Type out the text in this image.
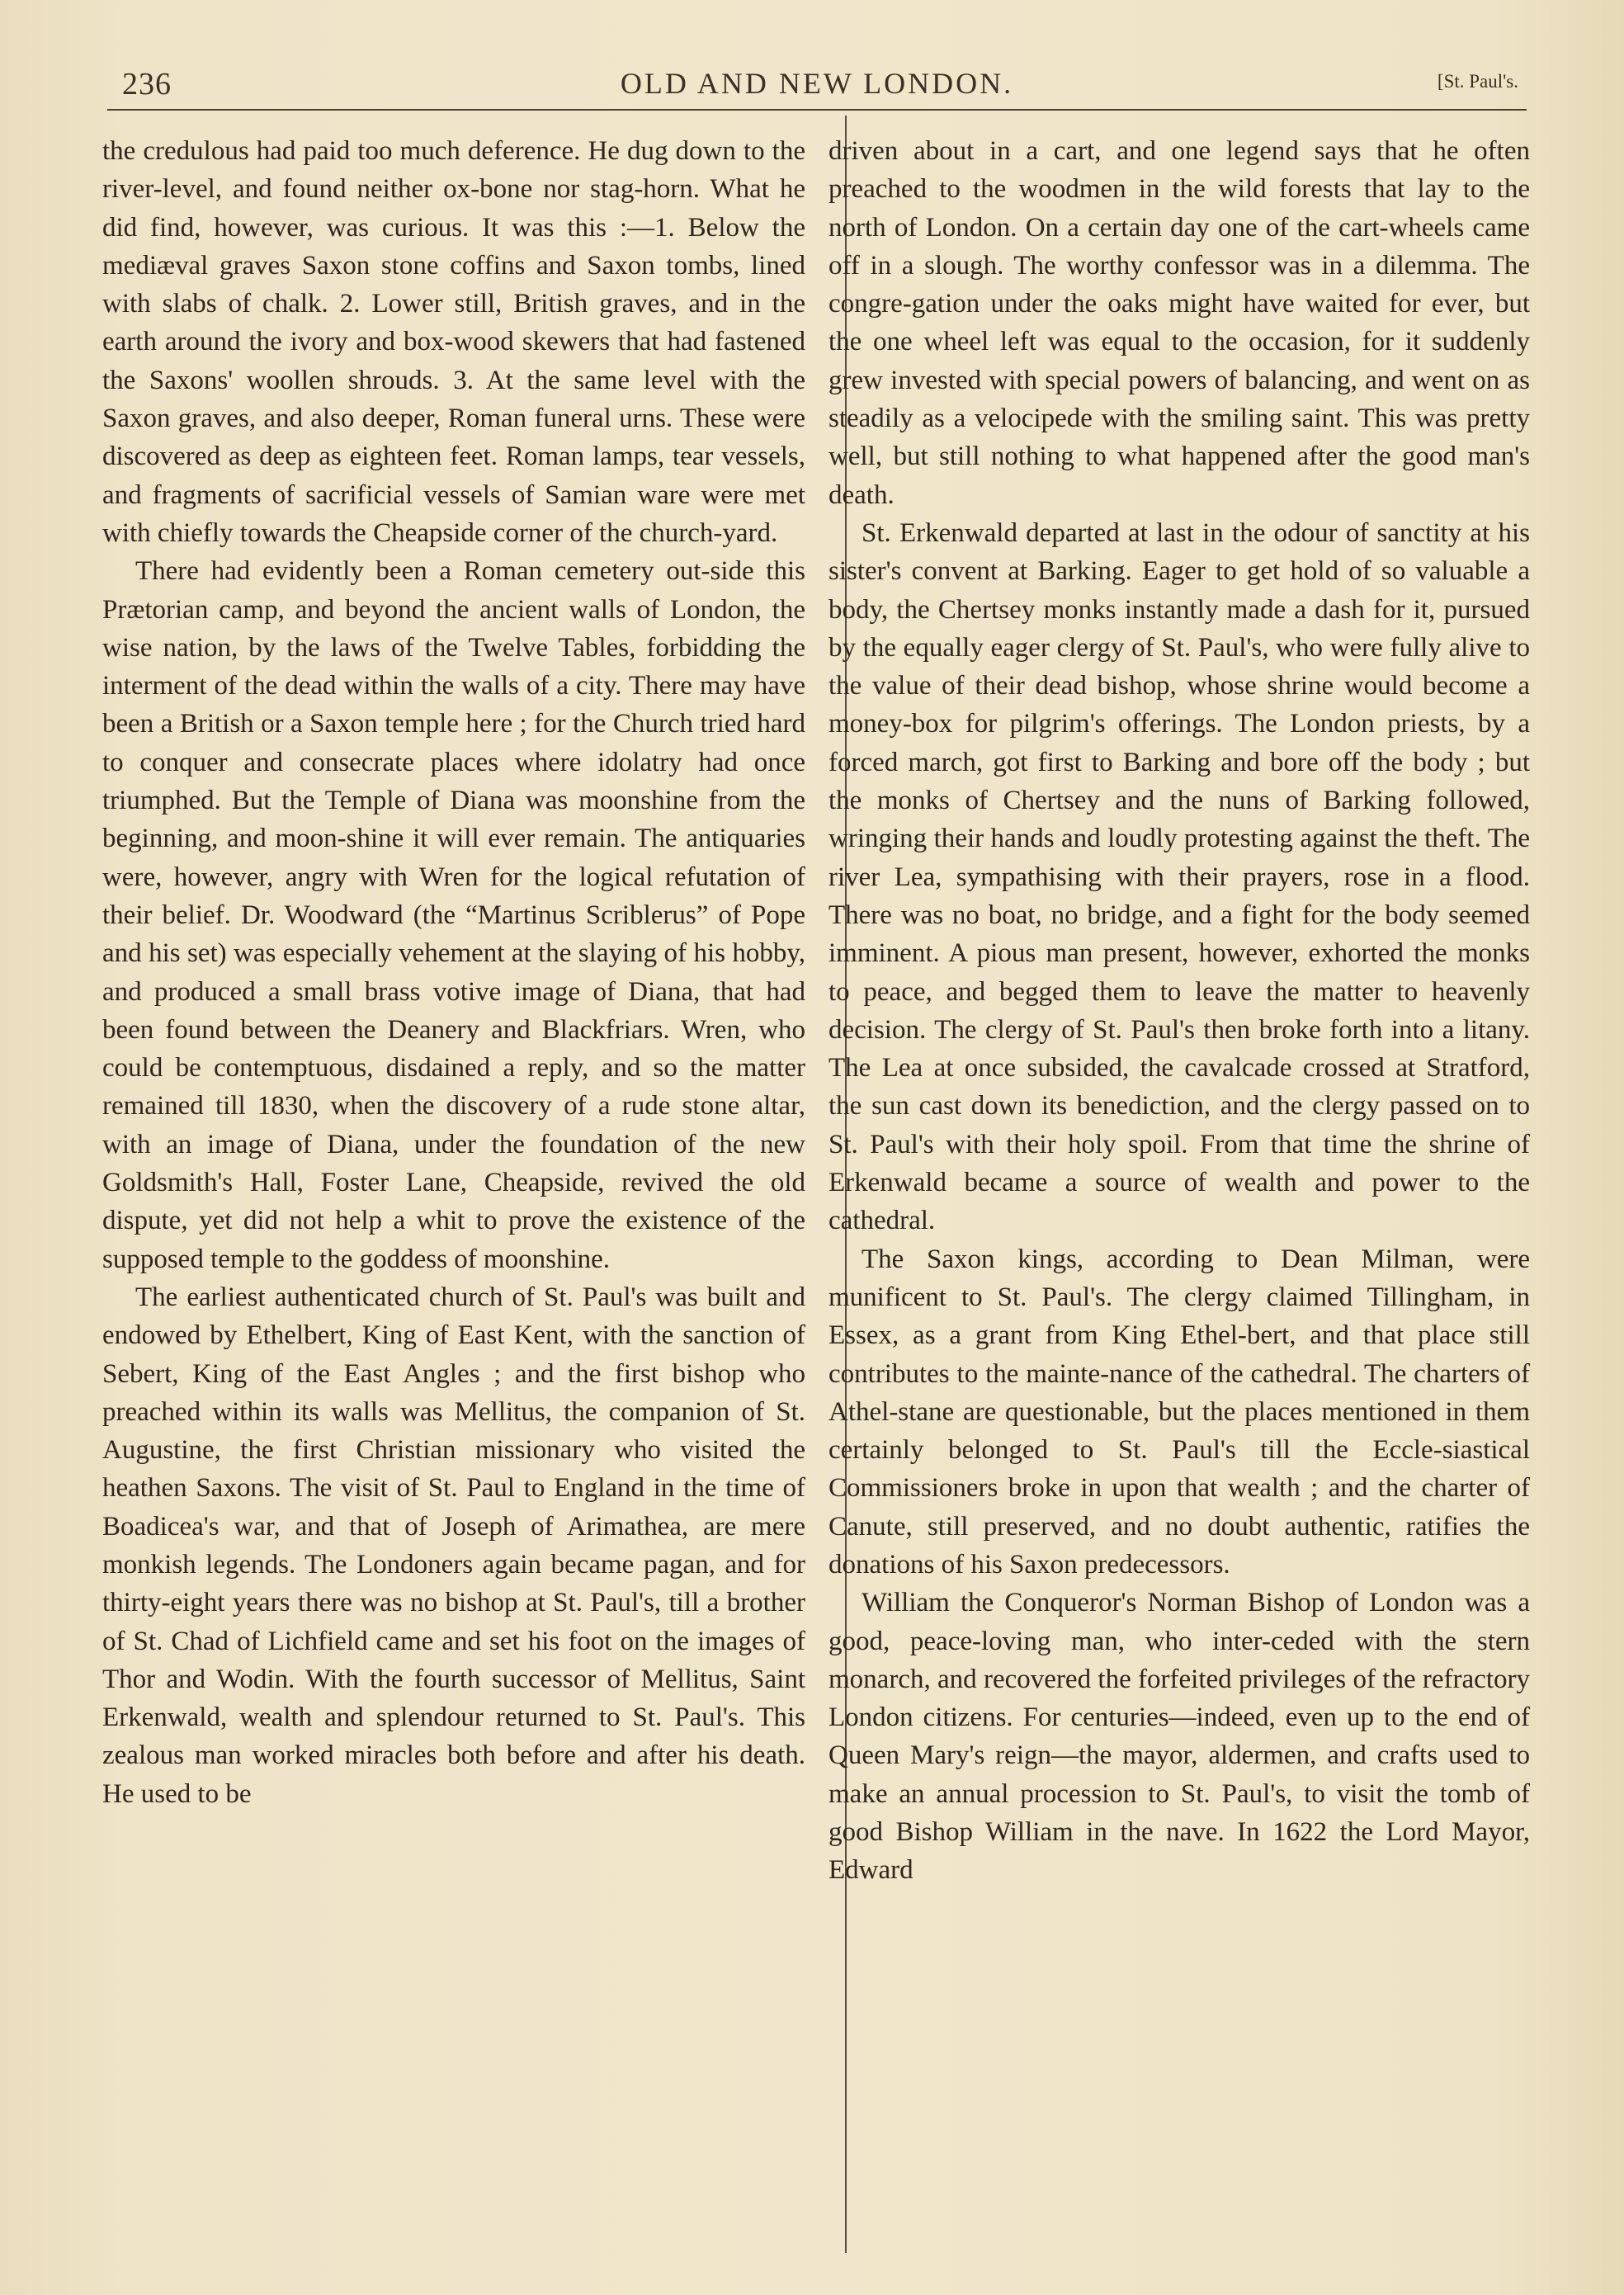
236	OLD AND NEW LONDON.	[St. Paul's.

the credulous had paid too much deference. He dug down to the river-level, and found neither ox-bone nor stag-horn. What he did find, however, was curious. It was this :—1. Below the mediæval graves Saxon stone coffins and Saxon tombs, lined with slabs of chalk. 2. Lower still, British graves, and in the earth around the ivory and box-wood skewers that had fastened the Saxons' woollen shrouds. 3. At the same level with the Saxon graves, and also deeper, Roman funeral urns. These were discovered as deep as eighteen feet. Roman lamps, tear vessels, and fragments of sacrificial vessels of Samian ware were met with chiefly towards the Cheapside corner of the church-yard.

There had evidently been a Roman cemetery out-side this Prætorian camp, and beyond the ancient walls of London, the wise nation, by the laws of the Twelve Tables, forbidding the interment of the dead within the walls of a city. There may have been a British or a Saxon temple here ; for the Church tried hard to conquer and consecrate places where idolatry had once triumphed. But the Temple of Diana was moonshine from the beginning, and moon-shine it will ever remain. The antiquaries were, however, angry with Wren for the logical refutation of their belief. Dr. Woodward (the “Martinus Scriblerus” of Pope and his set) was especially vehement at the slaying of his hobby, and produced a small brass votive image of Diana, that had been found between the Deanery and Blackfriars. Wren, who could be contemptuous, disdained a reply, and so the matter remained till 1830, when the discovery of a rude stone altar, with an image of Diana, under the foundation of the new Goldsmith's Hall, Foster Lane, Cheapside, revived the old dispute, yet did not help a whit to prove the existence of the supposed temple to the goddess of moonshine.

The earliest authenticated church of St. Paul's was built and endowed by Ethelbert, King of East Kent, with the sanction of Sebert, King of the East Angles ; and the first bishop who preached within its walls was Mellitus, the companion of St. Augustine, the first Christian missionary who visited the heathen Saxons. The visit of St. Paul to England in the time of Boadicea's war, and that of Joseph of Arimathea, are mere monkish legends. The Londoners again became pagan, and for thirty-eight years there was no bishop at St. Paul's, till a brother of St. Chad of Lichfield came and set his foot on the images of Thor and Wodin. With the fourth successor of Mellitus, Saint Erkenwald, wealth and splendour returned to St. Paul's. This zealous man worked miracles both before and after his death. He used to be

driven about in a cart, and one legend says that he often preached to the woodmen in the wild forests that lay to the north of London. On a certain day one of the cart-wheels came off in a slough. The worthy confessor was in a dilemma. The congre-gation under the oaks might have waited for ever, but the one wheel left was equal to the occasion, for it suddenly grew invested with special powers of balancing, and went on as steadily as a velocipede with the smiling saint. This was pretty well, but still nothing to what happened after the good man's death.

St. Erkenwald departed at last in the odour of sanctity at his sister's convent at Barking. Eager to get hold of so valuable a body, the Chertsey monks instantly made a dash for it, pursued by the equally eager clergy of St. Paul's, who were fully alive to the value of their dead bishop, whose shrine would become a money-box for pilgrim's offerings. The London priests, by a forced march, got first to Barking and bore off the body ; but the monks of Chertsey and the nuns of Barking followed, wringing their hands and loudly protesting against the theft. The river Lea, sympathising with their prayers, rose in a flood. There was no boat, no bridge, and a fight for the body seemed imminent. A pious man present, however, exhorted the monks to peace, and begged them to leave the matter to heavenly decision. The clergy of St. Paul's then broke forth into a litany. The Lea at once subsided, the cavalcade crossed at Stratford, the sun cast down its benediction, and the clergy passed on to St. Paul's with their holy spoil. From that time the shrine of Erkenwald became a source of wealth and power to the cathedral.

The Saxon kings, according to Dean Milman, were munificent to St. Paul's. The clergy claimed Tillingham, in Essex, as a grant from King Ethel-bert, and that place still contributes to the mainte-nance of the cathedral. The charters of Athel-stane are questionable, but the places mentioned in them certainly belonged to St. Paul's till the Eccle-siastical Commissioners broke in upon that wealth ; and the charter of Canute, still preserved, and no doubt authentic, ratifies the donations of his Saxon predecessors.

William the Conqueror's Norman Bishop of London was a good, peace-loving man, who inter-ceded with the stern monarch, and recovered the forfeited privileges of the refractory London citizens. For centuries—indeed, even up to the end of Queen Mary's reign—the mayor, aldermen, and crafts used to make an annual procession to St. Paul's, to visit the tomb of good Bishop William in the nave. In 1622 the Lord Mayor, Edward
